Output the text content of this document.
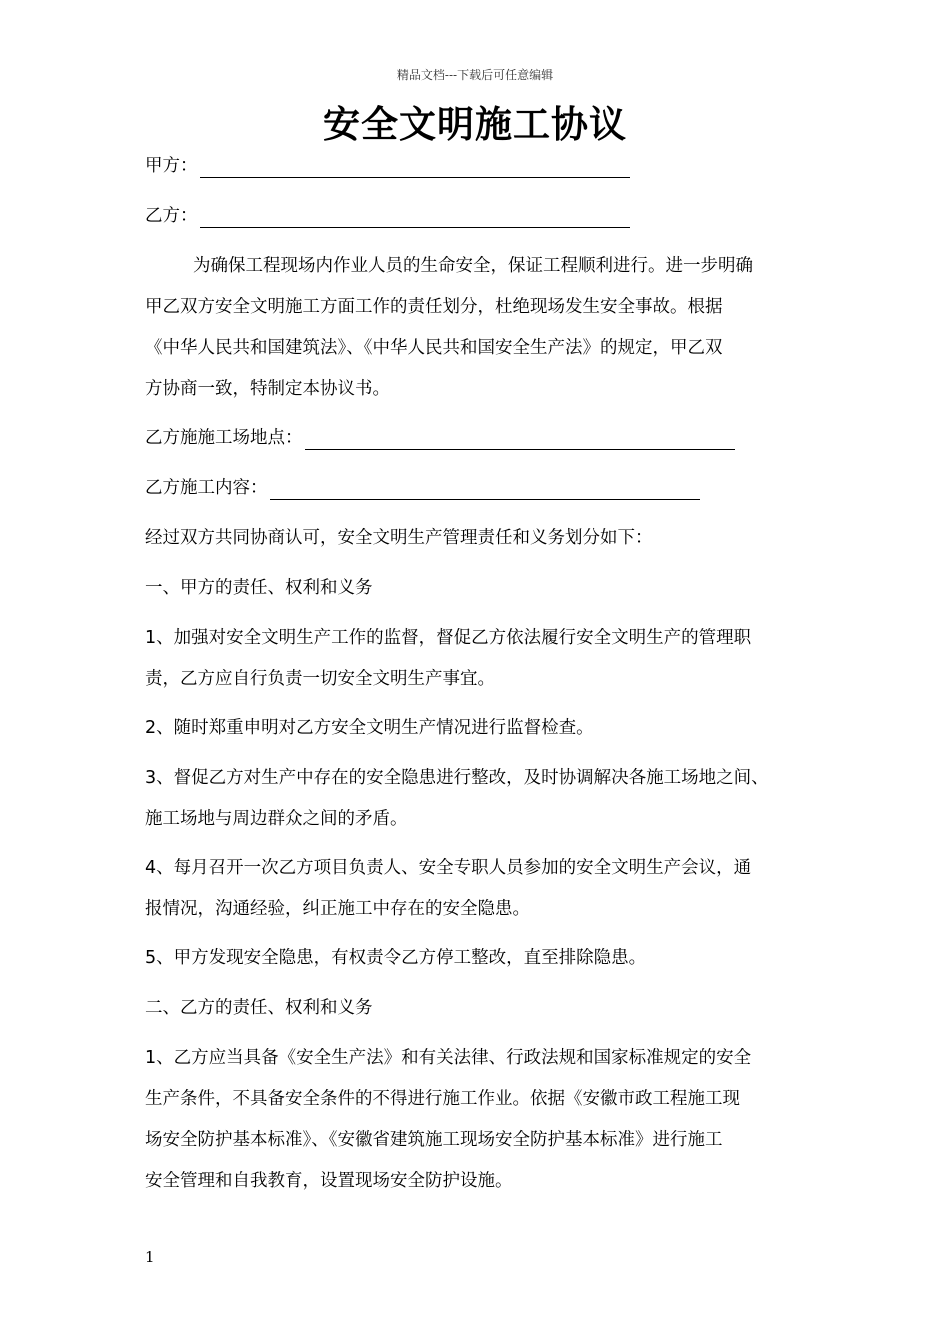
精品文档---下载后可任意编辑
安全文明施工协议
甲方：
乙方：
为确保工程现场内作业人员的生命安全，保证工程顺利进行。进一步明确
甲乙双方安全文明施工方面工作的责任划分，杜绝现场发生安全事故。根据
《中华人民共和国建筑法》、《中华人民共和国安全生产法》的规定，甲乙双
方协商一致，特制定本协议书。
乙方施施工场地点：
乙方施工内容：
经过双方共同协商认可，安全文明生产管理责任和义务划分如下：
一、甲方的责任、权利和义务
1、加强对安全文明生产工作的监督，督促乙方依法履行安全文明生产的管理职
责，乙方应自行负责一切安全文明生产事宜。
2、随时郑重申明对乙方安全文明生产情况进行监督检查。
3、督促乙方对生产中存在的安全隐患进行整改，及时协调解决各施工场地之间、
施工场地与周边群众之间的矛盾。
4、每月召开一次乙方项目负责人、安全专职人员参加的安全文明生产会议，通
报情况，沟通经验，纠正施工中存在的安全隐患。
5、甲方发现安全隐患，有权责令乙方停工整改，直至排除隐患。
二、乙方的责任、权利和义务
1、乙方应当具备《安全生产法》和有关法律、行政法规和国家标准规定的安全
生产条件，不具备安全条件的不得进行施工作业。依据《安徽市政工程施工现
场安全防护基本标准》、《安徽省建筑施工现场安全防护基本标准》进行施工
安全管理和自我教育，设置现场安全防护设施。
1
